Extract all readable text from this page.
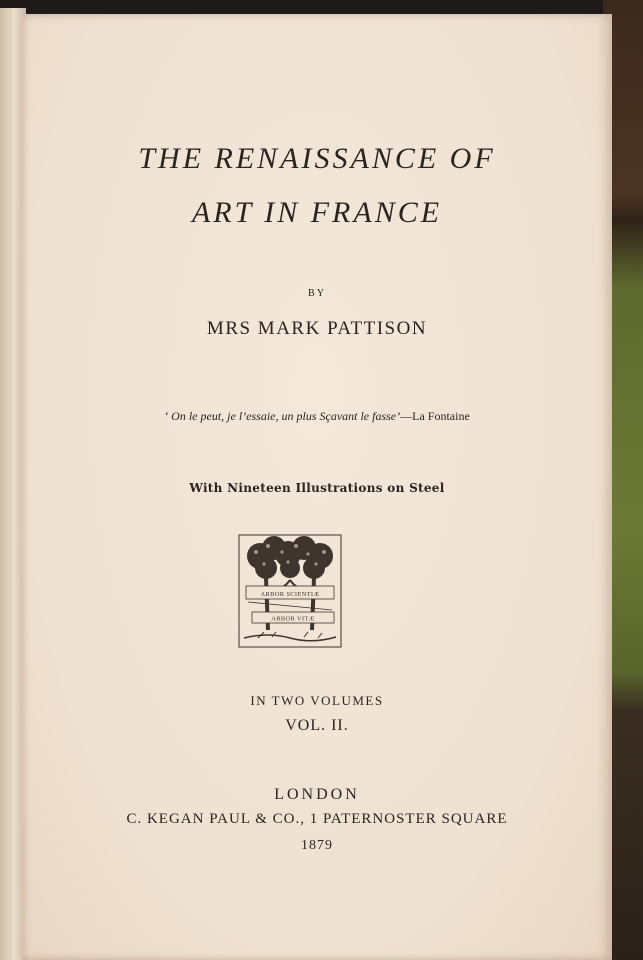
THE RENAISSANCE OF
ART IN FRANCE
BY
MRS MARK PATTISON
‘ On le peut, je l’essaie, un plus Sçavant le fasse’—La Fontaine
With Nineteen Illustrations on Steel
ARBOR SCIENTIÆ
ARBOR VITÆ
IN TWO VOLUMES
VOL. II.
LONDON
C. KEGAN PAUL & CO., 1 PATERNOSTER SQUARE
1879
